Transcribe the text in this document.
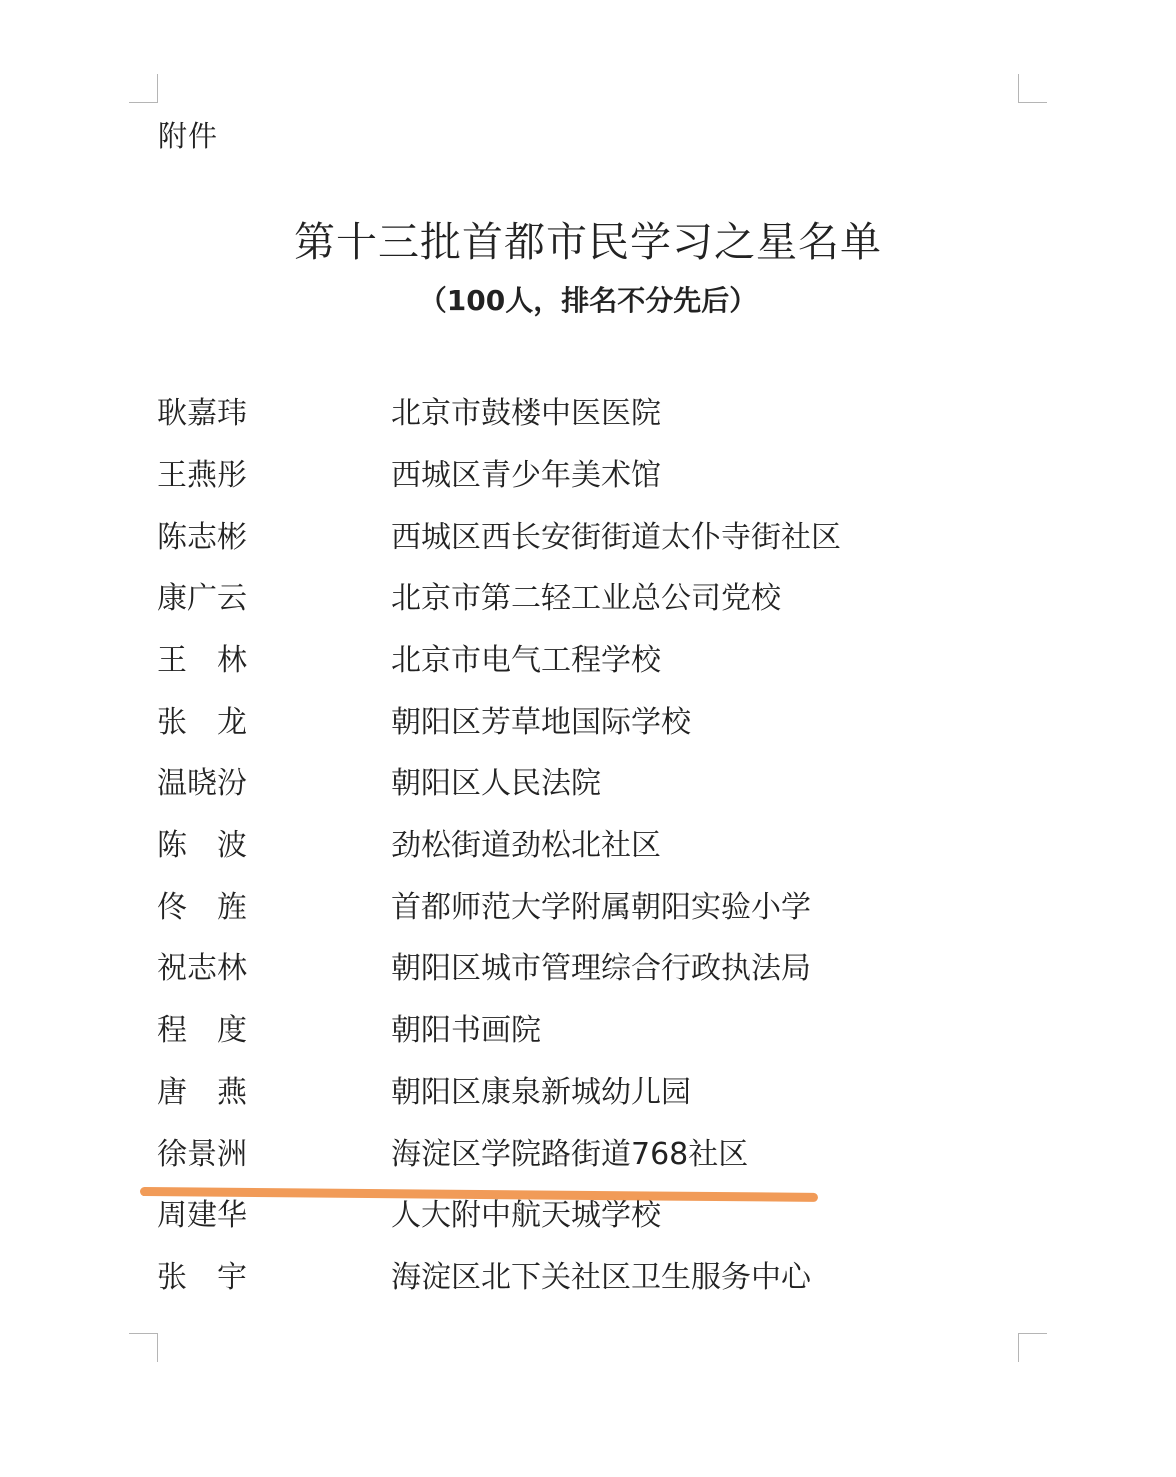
附件
第十三批首都市民学习之星名单
（100人，排名不分先后）
耿嘉玮	北京市鼓楼中医医院
王燕彤	西城区青少年美术馆
陈志彬	西城区西长安街街道太仆寺街社区
康广云	北京市第二轻工业总公司党校
王　林	北京市电气工程学校
张　龙	朝阳区芳草地国际学校
温晓汾	朝阳区人民法院
陈　波	劲松街道劲松北社区
佟　旌	首都师范大学附属朝阳实验小学
祝志林	朝阳区城市管理综合行政执法局
程　度	朝阳书画院
唐　燕	朝阳区康泉新城幼儿园
徐景洲	海淀区学院路街道768社区
周建华	人大附中航天城学校
张　宇	海淀区北下关社区卫生服务中心
